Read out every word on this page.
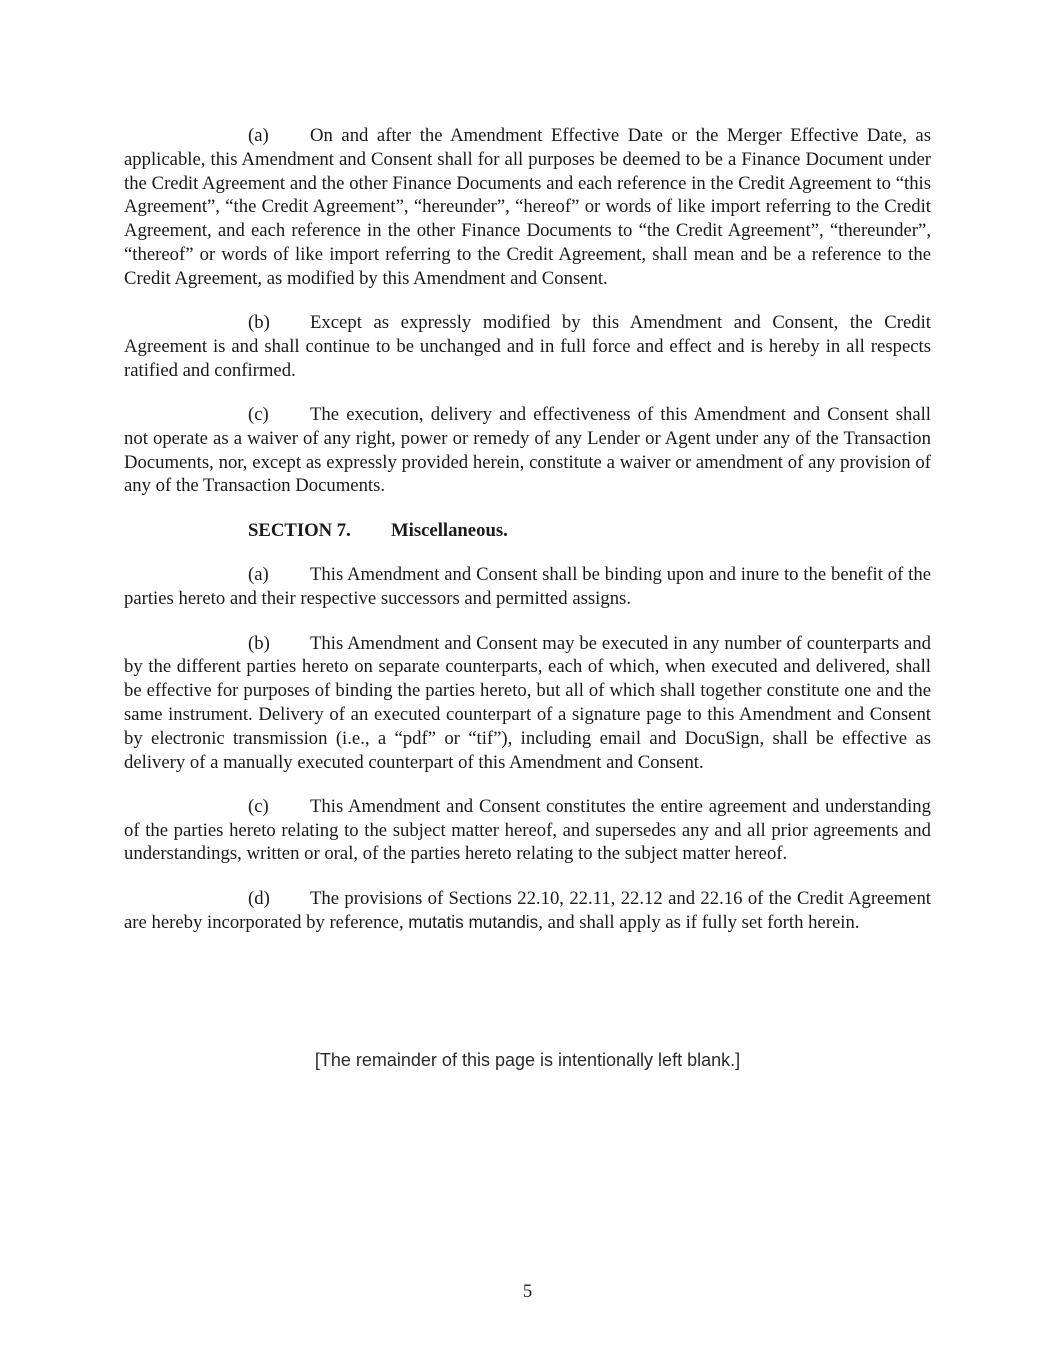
(a) On and after the Amendment Effective Date or the Merger Effective Date, as applicable, this Amendment and Consent shall for all purposes be deemed to be a Finance Document under the Credit Agreement and the other Finance Documents and each reference in the Credit Agreement to “this Agreement”, “the Credit Agreement”, “hereunder”, “hereof” or words of like import referring to the Credit Agreement, and each reference in the other Finance Documents to “the Credit Agreement”, “thereunder”, “thereof” or words of like import referring to the Credit Agreement, shall mean and be a reference to the Credit Agreement, as modified by this Amendment and Consent.

(b) Except as expressly modified by this Amendment and Consent, the Credit Agreement is and shall continue to be unchanged and in full force and effect and is hereby in all respects ratified and confirmed.

(c) The execution, delivery and effectiveness of this Amendment and Consent shall not operate as a waiver of any right, power or remedy of any Lender or Agent under any of the Transaction Documents, nor, except as expressly provided herein, constitute a waiver or amendment of any provision of any of the Transaction Documents.

SECTION 7. Miscellaneous.

(a) This Amendment and Consent shall be binding upon and inure to the benefit of the parties hereto and their respective successors and permitted assigns.

(b) This Amendment and Consent may be executed in any number of counterparts and by the different parties hereto on separate counterparts, each of which, when executed and delivered, shall be effective for purposes of binding the parties hereto, but all of which shall together constitute one and the same instrument. Delivery of an executed counterpart of a signature page to this Amendment and Consent by electronic transmission (i.e., a “pdf” or “tif”), including email and DocuSign, shall be effective as delivery of a manually executed counterpart of this Amendment and Consent.

(c) This Amendment and Consent constitutes the entire agreement and understanding of the parties hereto relating to the subject matter hereof, and supersedes any and all prior agreements and understandings, written or oral, of the parties hereto relating to the subject matter hereof.

(d) The provisions of Sections 22.10, 22.11, 22.12 and 22.16 of the Credit Agreement are hereby incorporated by reference, mutatis mutandis, and shall apply as if fully set forth herein.

[The remainder of this page is intentionally left blank.]
5
